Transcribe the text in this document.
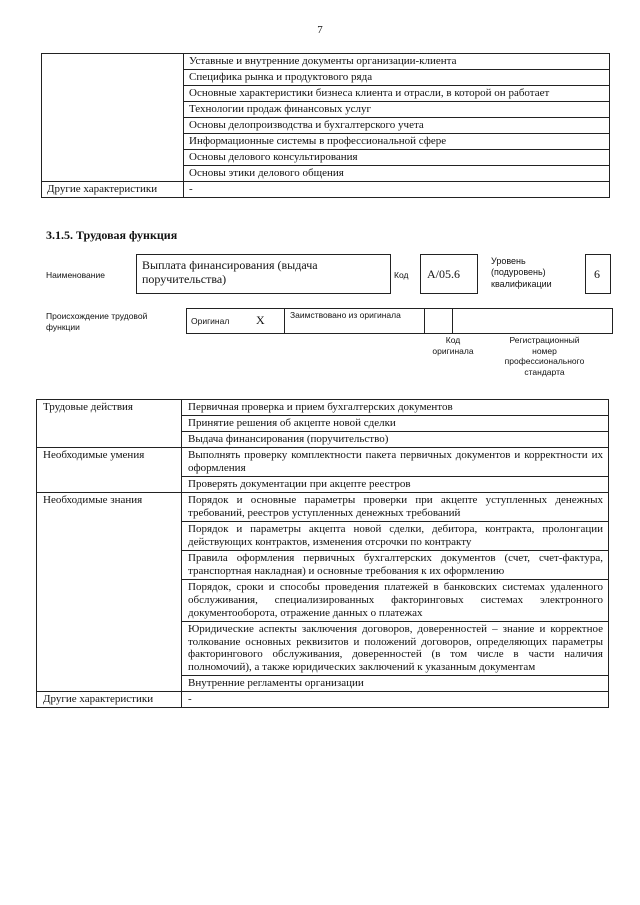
7
	Уставные и внутренние документы организации-клиента
	Специфика рынка и продуктового ряда
	Основные характеристики бизнеса клиента и отрасли, в которой он работает
	Технологии продаж финансовых услуг
	Основы делопроизводства и бухгалтерского учета
	Информационные системы в профессиональной сфере
	Основы делового консультирования
	Основы этики делового общения
Другие характеристики	-
3.1.5. Трудовая функция
Наименование
Выплата финансирования (выдача поручительства)	Код A/05.6
Уровень (подуровень) квалификации
6
Происхождение трудовой функции
Оригинал X	Заимствовано из оригинала
Код оригинала
Регистрационный номер профессионального стандарта
Трудовые действия	Первичная проверка и прием бухгалтерских документов
	Принятие решения об акцепте новой сделки
	Выдача финансирования (поручительство)
Необходимые умения	Выполнять проверку комплектности пакета первичных документов и корректности их оформления
	Проверять документации при акцепте реестров
Необходимые знания	Порядок и основные параметры проверки при акцепте уступленных денежных требований, реестров уступленных денежных требований
	Порядок и параметры акцепта новой сделки, дебитора, контракта, пролонгации действующих контрактов, изменения отсрочки по контракту
	Правила оформления первичных бухгалтерских документов (счет, счет-фактура, транспортная накладная) и основные требования к их оформлению
	Порядок, сроки и способы проведения платежей в банковских системах удаленного обслуживания, специализированных факторинговых системах электронного документооборота, отражение данных о платежах
	Юридические аспекты заключения договоров, доверенностей – знание и корректное толкование основных реквизитов и положений договоров, определяющих параметры факторингового обслуживания, доверенностей (в том числе в части наличия полномочий), а также юридических заключений к указанным документам
	Внутренние регламенты организации
Другие характеристики	-
